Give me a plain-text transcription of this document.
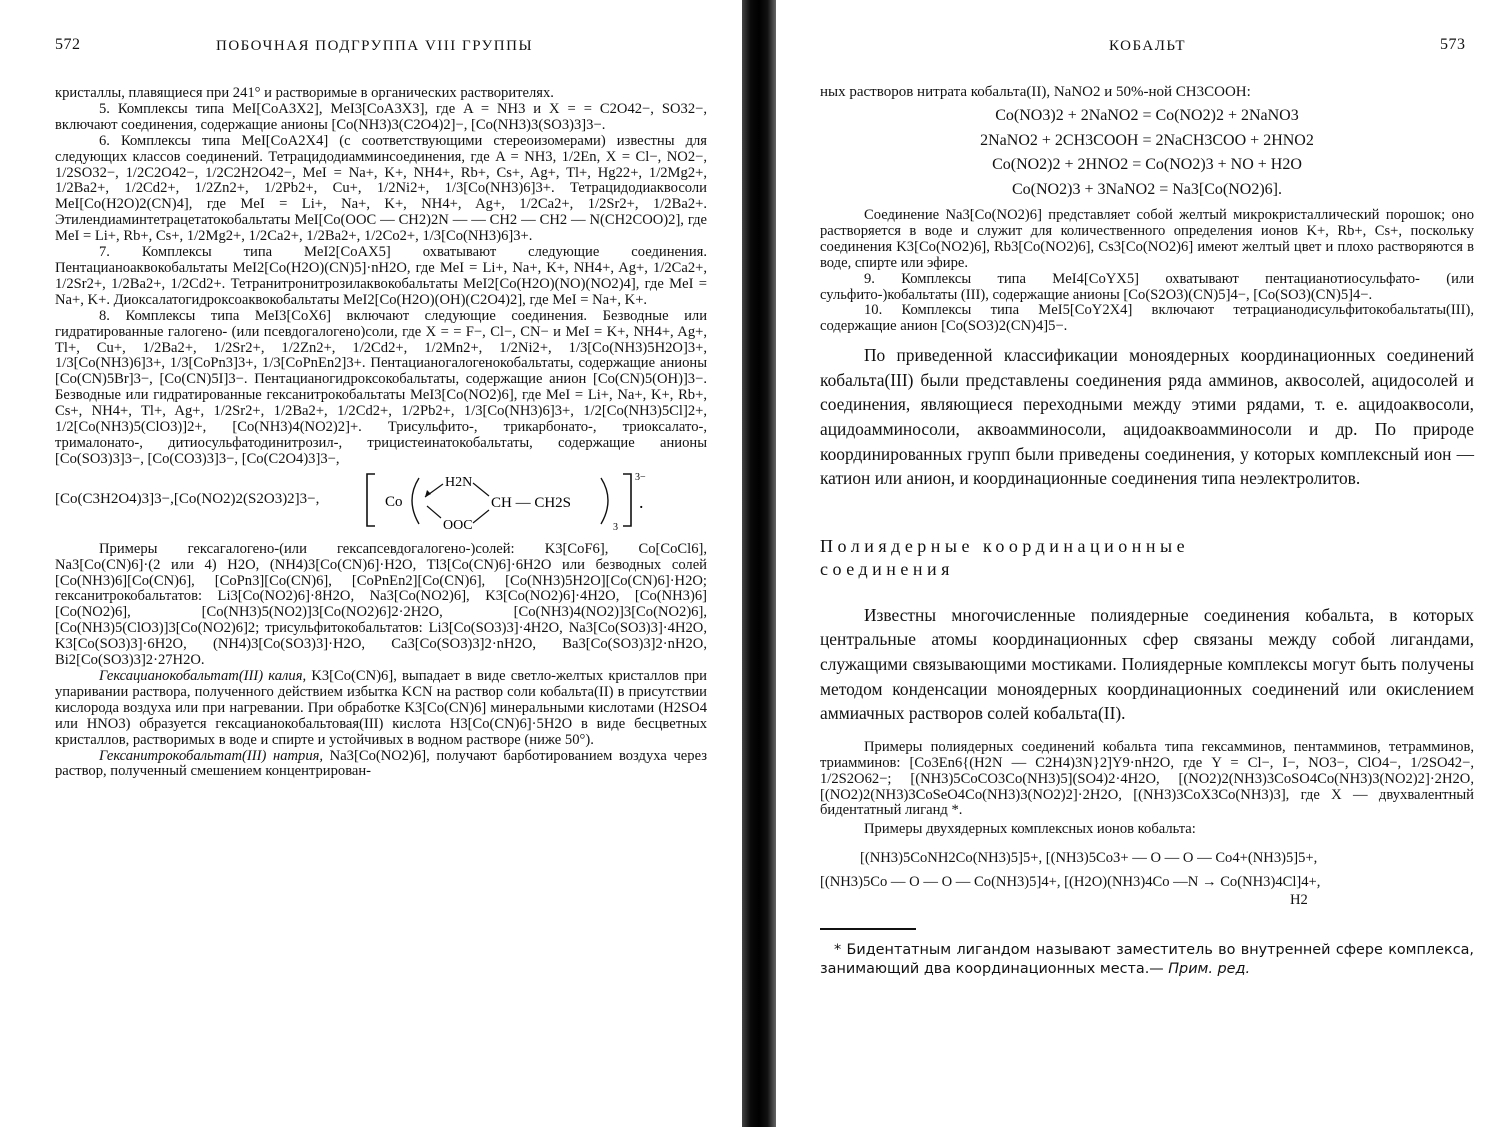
572	ПОБОЧНАЯ ПОДГРУППА VIII ГРУППЫ

кристаллы, плавящиеся при 241° и растворимые в органических растворителях.

5. Комплексы типа MeI[CoA3X2], MeI3[CoA3X3], где A = NH3 и X = = C2O42−, SO32−, включают соединения, содержащие анионы [Co(NH3)3(C2O4)2]−, [Co(NH3)3(SO3)3]3−.

6. Комплексы типа MeI[CoA2X4] (с соответствующими стереоизомерами) известны для следующих классов соединений. Тетрацидодиамминсоединения, где A = NH3, 1/2En, X = Cl−, NO2−, 1/2SO32−, 1/2C2O42−, 1/2C2H2O42−, MeI = Na+, K+, NH4+, Rb+, Cs+, Ag+, Tl+, Hg22+, 1/2Mg2+, 1/2Ba2+, 1/2Cd2+, 1/2Zn2+, 1/2Pb2+, Cu+, 1/2Ni2+, 1/3[Co(NH3)6]3+. Тетрацидодиаквосоли MeI[Co(H2O)2(CN)4], где MeI = Li+, Na+, K+, NH4+, Ag+, 1/2Ca2+, 1/2Sr2+, 1/2Ba2+. Этилендиаминтетрацетатокобальтаты MeI[Co(OOC — CH2)2N — — CH2 — CH2 — N(CH2COO)2], где MeI = Li+, Rb+, Cs+, 1/2Mg2+, 1/2Ca2+, 1/2Ba2+, 1/2Co2+, 1/3[Co(NH3)6]3+.

7. Комплексы типа MeI2[CoAX5] охватывают следующие соединения. Пентацианоаквокобальтаты MeI2[Co(H2O)(CN)5]·nH2O, где MeI = Li+, Na+, K+, NH4+, Ag+, 1/2Ca2+, 1/2Sr2+, 1/2Ba2+, 1/2Cd2+. Тетранитронитрозилаквокобальтаты MeI2[Co(H2O)(NO)(NO2)4], где MeI = Na+, K+. Диоксалатогидроксоаквокобальтаты MeI2[Co(H2O)(OH)(C2O4)2], где MeI = Na+, K+.

8. Комплексы типа MeI3[CoX6] включают следующие соединения. Безводные или гидратированные галогено- (или псевдогалогено)соли, где X = = F−, Cl−, CN− и MeI = K+, NH4+, Ag+, Tl+, Cu+, 1/2Ba2+, 1/2Sr2+, 1/2Zn2+, 1/2Cd2+, 1/2Mn2+, 1/2Ni2+, 1/3[Co(NH3)5H2O]3+, 1/3[Co(NH3)6]3+, 1/3[CoPn3]3+, 1/3[CoPnEn2]3+. Пентацианогалогенокобальтаты, содержащие анионы [Co(CN)5Br]3−, [Co(CN)5I]3−. Пентацианогидроксокобальтаты, содержащие анион [Co(CN)5(OH)]3−. Безводные или гидратированные гексанитрокобальтаты MeI3[Co(NO2)6], где MeI = Li+, Na+, K+, Rb+, Cs+, NH4+, Tl+, Ag+, 1/2Sr2+, 1/2Ba2+, 1/2Cd2+, 1/2Pb2+, 1/3[Co(NH3)6]3+, 1/2[Co(NH3)5Cl]2+, 1/2[Co(NH3)5(ClO3)]2+, [Co(NH3)4(NO2)2]+. Трисульфито-, трикарбонато-, триоксалато-, трималонато-, дитиосульфатодинитрозил-, трицистеинатокобальтаты, содержащие анионы [Co(SO3)3]3−, [Co(CO3)3]3−, [Co(C2O4)3]3−,

[Co(C3H2O4)3]3−,[Co(NO2)2(S2O3)2]3−,	Co
H2N
OOC
CH — CH2S
3
3−
.

Примеры гексагалогено-(или гексапсевдогалогено-)солей: K3[CoF6], Co[CoCl6], Na3[Co(CN)6]·(2 или 4) H2O, (NH4)3[Co(CN)6]·H2O, Tl3[Co(CN)6]·6H2O или безводных солей [Co(NH3)6][Co(CN)6], [CoPn3][Co(CN)6], [CoPnEn2][Co(CN)6], [Co(NH3)5H2O][Co(CN)6]·H2O; гексанитрокобальтатов: Li3[Co(NO2)6]·8H2O, Na3[Co(NO2)6], K3[Co(NO2)6]·4H2O, [Co(NH3)6][Co(NO2)6], [Co(NH3)5(NO2)]3[Co(NO2)6]2·2H2O, [Co(NH3)4(NO2)]3[Co(NO2)6], [Co(NH3)5(ClO3)]3[Co(NO2)6]2; трисульфитокобальтатов: Li3[Co(SO3)3]·4H2O, Na3[Co(SO3)3]·4H2O, K3[Co(SO3)3]·6H2O, (NH4)3[Co(SO3)3]·H2O, Ca3[Co(SO3)3]2·nH2O, Ba3[Co(SO3)3]2·nH2O, Bi2[Co(SO3)3]2·27H2O.

Гексацианокобальтат(III) калия, K3[Co(CN)6], выпадает в виде светло-желтых кристаллов при упаривании раствора, полученного действием избытка KCN на раствор соли кобальта(II) в присутствии кислорода воздуха или при нагревании. При обработке K3[Co(CN)6] минеральными кислотами (H2SO4 или HNO3) образуется гексацианокобальтовая(III) кислота H3[Co(CN)6]·5H2O в виде бесцветных кристаллов, растворимых в воде и спирте и устойчивых в водном растворе (ниже 50°).

Гексанитрокобальтат(III) натрия, Na3[Co(NO2)6], получают барботированием воздуха через раствор, полученный смешением концентрирован-

КОБАЛЬТ	573

ных растворов нитрата кобальта(II), NaNO2 и 50%-ной CH3COOH:

Co(NO3)2 + 2NaNO2 = Co(NO2)2 + 2NaNO3
2NaNO2 + 2CH3COOH = 2NaCH3COO + 2HNO2
Co(NO2)2 + 2HNO2 = Co(NO2)3 + NO + H2O
Co(NO2)3 + 3NaNO2 = Na3[Co(NO2)6].

Соединение Na3[Co(NO2)6] представляет собой желтый микрокристаллический порошок; оно растворяется в воде и служит для количественного определения ионов K+, Rb+, Cs+, поскольку соединения K3[Co(NO2)6], Rb3[Co(NO2)6], Cs3[Co(NO2)6] имеют желтый цвет и плохо растворяются в воде, спирте или эфире.

9. Комплексы типа MeI4[CoYX5] охватывают пентацианотиосульфато- (или сульфито-)кобальтаты (III), содержащие анионы [Co(S2O3)(CN)5]4−, [Co(SO3)(CN)5]4−.

10. Комплексы типа MeI5[CoY2X4] включают тетрацианодисульфитокобальтаты(III), содержащие анион [Co(SO3)2(CN)4]5−.

По приведенной классификации моноядерных координационных соединений кобальта(III) были представлены соединения ряда амминов, аквосолей, ацидосолей и соединения, являющиеся переходными между этими рядами, т. е. ацидоаквосоли, ацидоамминосоли, аквоамминосоли, ацидоаквоамминосоли и др. По природе координированных групп были приведены соединения, у которых комплексный ион — катион или анион, и координационные соединения типа неэлектролитов.

Полиядерные координационные

соединения

Известны многочисленные полиядерные соединения кобальта, в которых центральные атомы координационных сфер связаны между собой лигандами, служащими связывающими мостиками. Полиядерные комплексы могут быть получены методом конденсации моноядерных координационных соединений или окислением аммиачных растворов солей кобальта(II).

Примеры полиядерных соединений кобальта типа гексамминов, пентамминов, тетрамминов, триамминов: [Co3En6{(H2N — C2H4)3N}2]Y9·nH2O, где Y = Cl−, I−, NO3−, ClO4−, 1/2SO42−, 1/2S2O62−; [(NH3)5CoCO3Co(NH3)5](SO4)2·4H2O, [(NO2)2(NH3)3CoSO4Co(NH3)3(NO2)2]·2H2O, [(NO2)2(NH3)3CoSeO4Co(NH3)3(NO2)2]·2H2O, [(NH3)3CoX3Co(NH3)3], где X — двухвалентный бидентатный лиганд *.

Примеры двухядерных комплексных ионов кобальта:

[(NH3)5CoNH2Co(NH3)5]5+, [(NH3)5Co3+ — O — O — Co4+(NH3)5]5+,
[(NH3)5Co — O — O — Co(NH3)5]4+, [(H2O)(NH3)4Co —N → Co(NH3)4Cl]4+,
H2

* Бидентатным лигандом называют заместитель во внутренней сфере комплекса, занимающий два координационных места.— Прим. ред.
